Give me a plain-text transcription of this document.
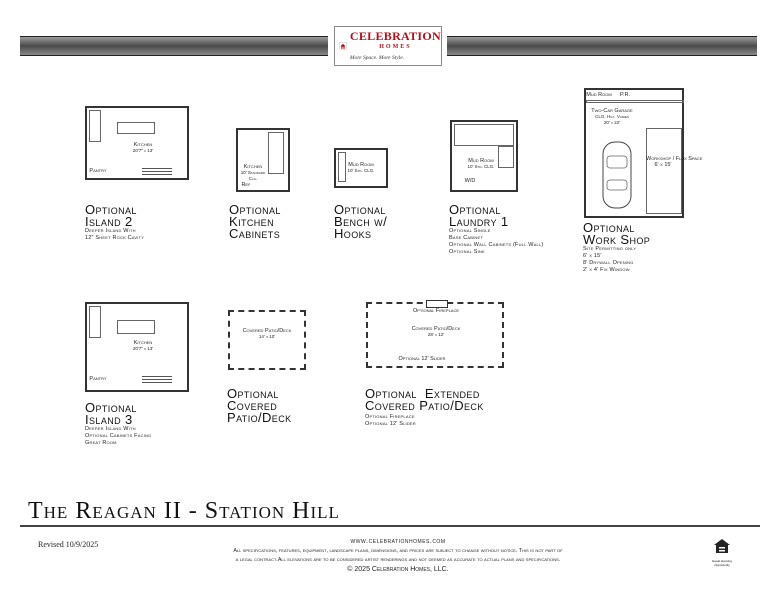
CELEBRATION
HOMES
More Space. More Style.
Kitchen
20'7" x 13'
Pantry
Optional
Island 2
Deeper Island With
12" Sheet Rock Cavity
Kitchen
10' Standard Clg.
Ref
Optional
Kitchen
Cabinets
Mud Room
10' Std. CLG.
Optional
Bench w/
Hooks
Mud Room
10' Std. CLG.
W/D
Optional
Laundry 1
Optional Single
Base Cabinet
Optional Wall Cabinets (Full Wall)
Optional Sink
Mud Room	P.R.
Two-Car Garage
CLG. Hgt. Varies
20' x 22'
Workshop / Flex Space
6' x 15'
Optional
Work Shop
Site Permitting only
6' x 15'
8' Drywall Opening
2' x 4' Fix Window
Kitchen
20'7" x 13'
Pantry
Optional
Island 3
Deeper Island With
Optional Cabinets Facing
Great Room
Covered Patio/Deck
14' x 10'
Optional
Covered
Patio/Deck
Optional Fireplace
Covered Patio/Deck
28' x 12'
Optional 12' Slider
Optional  Extended
Covered Patio/Deck
Optional Fireplace
Optional 12' Slider
The Reagan II - Station Hill
Revised 10/9/2025	www.celebrationhomes.com
All specifications, features, equipment, landscape plans, dimensions, and prices are subject to change without notice. This is not part of
a legal contract.All elevations are to be considered artist renderings and not deemed as accurate to actual plans and specifications.
© 2025 Celebration Homes, LLC.
Equal Housing Opportunity
